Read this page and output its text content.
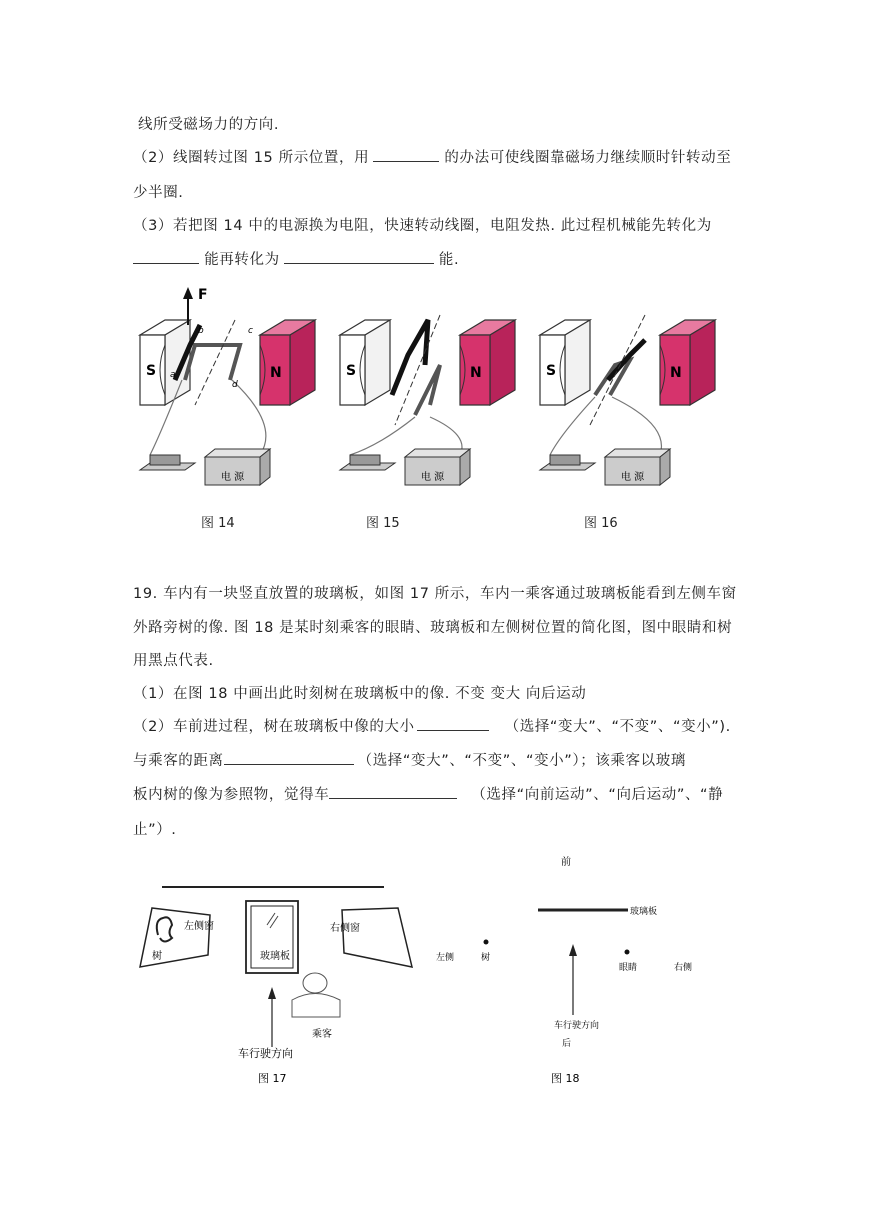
线所受磁场力的方向.
（2）线圈转过图 15 所示位置，用	的办法可使线圈靠磁场力继续顺时针转动至
少半圈.
（3）若把图 14 中的电源换为电阻，快速转动线圈，电阻发热. 此过程机械能先转化为
能再转化为	能.
S	N
F
电 源
a
b	c
d
S	N
电 源
S	N
电 源
图 14	图 15	图 16
19. 车内有一块竖直放置的玻璃板，如图 17 所示，车内一乘客通过玻璃板能看到左侧车窗
外路旁树的像. 图 18 是某时刻乘客的眼睛、玻璃板和左侧树位置的简化图，图中眼睛和树
用黑点代表.
（1）在图 18 中画出此时刻树在玻璃板中的像. 不变 变大 向后运动
（2）车前进过程，树在玻璃板中像的大小	（选择“变大”、“不变”、“变小”).
与乘客的距离	（选择“变大”、“不变”、“变小”）；该乘客以玻璃
板内树的像为参照物，觉得车	（选择“向前运动”、“向后运动”、“静
止”）.
左侧窗
树	玻璃板
右侧窗
乘客
车行驶方向
图 17
前
玻璃板
左侧	树
眼睛	右侧
车行驶方向
后
图 18
